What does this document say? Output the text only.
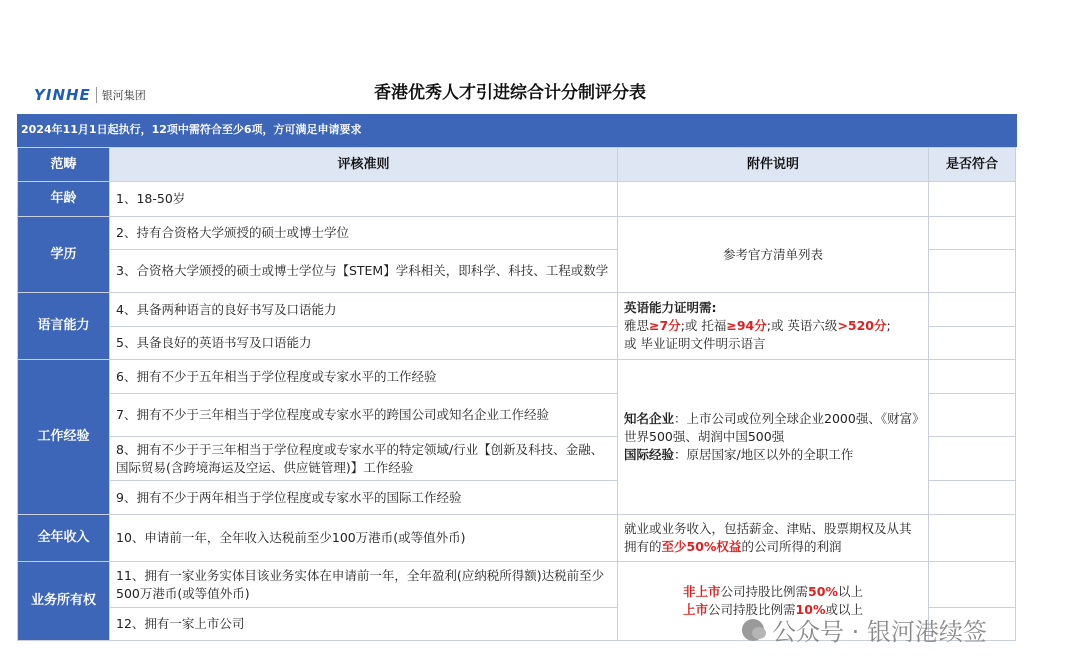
YINHE	银河集团	香港优秀人才引进综合计分制评分表
2024年11月1日起执行，12项中需符合至少6项，方可满足申请要求
范畴	评核准则	附件说明	是否符合
年龄	1、18-50岁		
学历	2、持有合资格大学颁授的硕士或博士学位	参考官方清单列表	
	3、合资格大学颁授的硕士或博士学位与【STEM】学科相关，即科学、科技、工程或数学		
语言能力	4、具备两种语言的良好书写及口语能力	英语能力证明需:
雅思≥7分;或 托福≥94分;或 英语六级>520分;
或 毕业证明文件明示语言	

	5、具备良好的英语书写及口语能力		
工作经验	6、拥有不少于五年相当于学位程度或专家水平的工作经验	知名企业：上市公司或位列全球企业2000强、《财富》世界500强、胡润中国500强
国际经验：原居国家/地区以外的全职工作	

	7、拥有不少于三年相当于学位程度或专家水平的跨国公司或知名企业工作经验		
	8、拥有不少于于三年相当于学位程度或专家水平的特定领域/行业【创新及科技、金融、国际贸易(含跨境海运及空运、供应链管理)】工作经验		
	9、拥有不少于两年相当于学位程度或专家水平的国际工作经验		
全年收入	10、申请前一年，全年收入达税前至少100万港币(或等值外币)	就业或业务收入，包括薪金、津贴、股票期权及从其拥有的至少50%权益的公司所得的利润	
业务所有权	11、拥有一家业务实体目该业务实体在申请前一年，全年盈利(应纳税所得额)达税前至少500万港币(或等值外币)	非上市公司持股比例需50%以上
上市公司持股比例需10%或以上	

	12、拥有一家上市公司			公众号 · 银河港续签
